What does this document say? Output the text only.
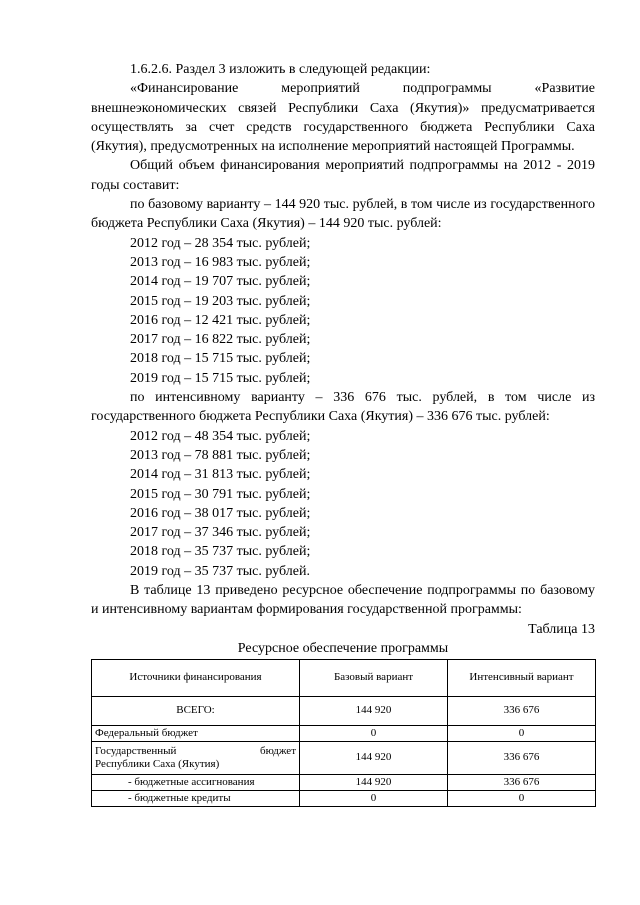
1.6.2.6. Раздел 3 изложить в следующей редакции:

«Финансирование мероприятий подпрограммы «Развитие внешнеэкономических связей Республики Саха (Якутия)» предусматривается осуществлять за счет средств государственного бюджета Республики Саха (Якутия), предусмотренных на исполнение мероприятий настоящей Программы.

Общий объем финансирования мероприятий подпрограммы на 2012 - 2019 годы составит:

по базовому варианту – 144 920 тыс. рублей, в том числе из государственного бюджета Республики Саха (Якутия) – 144 920 тыс. рублей:

2012 год – 28 354 тыс. рублей;

2013 год – 16 983 тыс. рублей;

2014 год – 19 707 тыс. рублей;

2015 год – 19 203 тыс. рублей;

2016 год – 12 421 тыс. рублей;

2017 год – 16 822 тыс. рублей;

2018 год – 15 715 тыс. рублей;

2019 год – 15 715 тыс. рублей;

по интенсивному варианту – 336 676 тыс. рублей, в том числе из государственного бюджета Республики Саха (Якутия) – 336 676 тыс. рублей:

2012 год – 48 354 тыс. рублей;

2013 год – 78 881 тыс. рублей;

2014 год – 31 813 тыс. рублей;

2015 год – 30 791 тыс. рублей;

2016 год – 38 017 тыс. рублей;

2017 год – 37 346 тыс. рублей;

2018 год – 35 737 тыс. рублей;

2019 год – 35 737 тыс. рублей.

В таблице 13 приведено ресурсное обеспечение подпрограммы по базовому и интенсивному вариантам формирования государственной программы:

Таблица 13

Ресурсное обеспечение программы

Источники финансирования	Базовый вариант	Интенсивный вариант
ВСЕГО:	144 920	336 676
Федеральный бюджет	0	0

Государственный бюджет
Республики Саха (Якутия)	144 920	336 676
- бюджетные ассигнования	144 920	336 676
- бюджетные кредиты	0	0
